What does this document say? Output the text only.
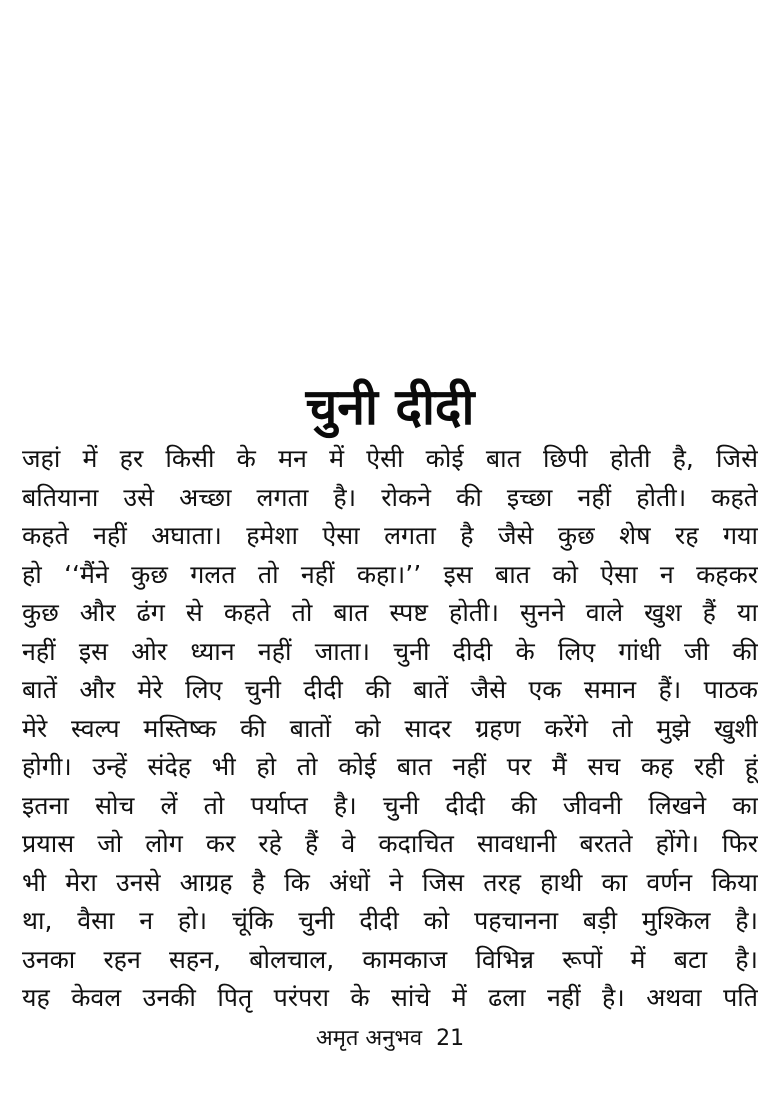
चुनी दीदी
जहां में हर किसी के मन में ऐसी कोई बात छिपी होती है, जिसे
बतियाना उसे अच्छा लगता है। रोकने की इच्छा नहीं होती। कहते
कहते नहीं अघाता। हमेशा ऐसा लगता है जैसे कुछ शेष रह गया
हो ‘‘मैंने कुछ गलत तो नहीं कहा।’’ इस बात को ऐसा न कहकर
कुछ और ढंग से कहते तो बात स्पष्ट होती। सुनने वाले खुश हैं या
नहीं इस ओर ध्यान नहीं जाता। चुनी दीदी के लिए गांधी जी की
बातें और मेरे लिए चुनी दीदी की बातें जैसे एक समान हैं। पाठक
मेरे स्वल्प मस्तिष्क की बातों को सादर ग्रहण करेंगे तो मुझे खुशी
होगी। उन्हें संदेह भी हो तो कोई बात नहीं पर मैं सच कह रही हूं
इतना सोच लें तो पर्याप्त है। चुनी दीदी की जीवनी लिखने का
प्रयास जो लोग कर रहे हैं वे कदाचित सावधानी बरतते होंगे। फिर
भी मेरा उनसे आग्रह है कि अंधों ने जिस तरह हाथी का वर्णन किया
था, वैसा न हो। चूंकि चुनी दीदी को पहचानना बड़ी मुश्किल है।
उनका रहन सहन, बोलचाल, कामकाज विभिन्न रूपों में बटा है।
यह केवल उनकी पितृ परंपरा के सांचे में ढला नहीं है। अथवा पति
अमृत अनुभव 21
